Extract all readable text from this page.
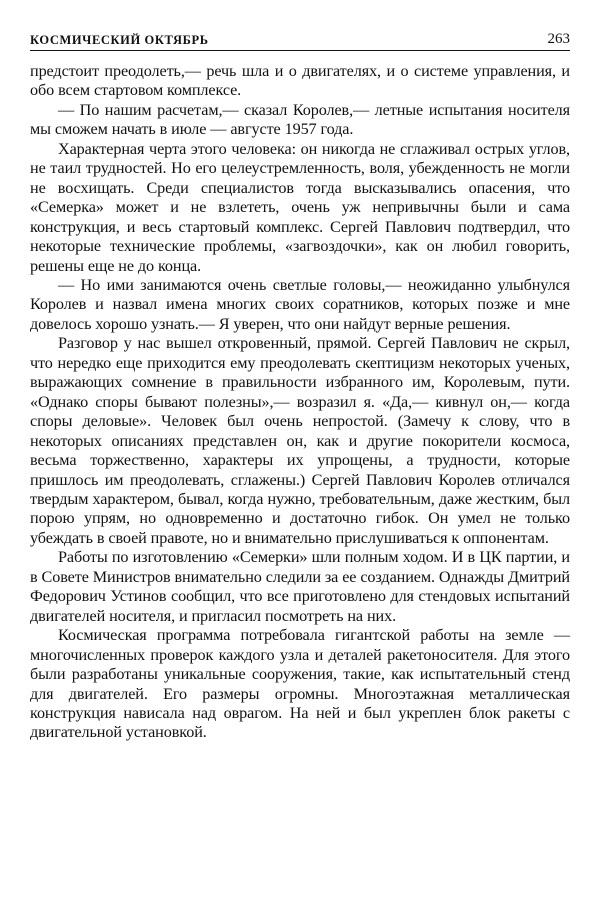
КОСМИЧЕСКИЙ ОКТЯБРЬ	263

предстоит преодолеть,— речь шла и о двигателях, и о системе управления, и обо всем стартовом комплексе.

— По нашим расчетам,— сказал Королев,— летные испытания носителя мы сможем начать в июле — августе 1957 года.

Характерная черта этого человека: он никогда не сглаживал острых углов, не таил трудностей. Но его целеустремленность, воля, убежденность не могли не восхищать. Среди специалистов тогда высказывались опасения, что «Семерка» может и не взлететь, очень уж непривычны были и сама конструкция, и весь стартовый комплекс. Сергей Павлович подтвердил, что некоторые технические проблемы, «загвоздочки», как он любил говорить, решены еще не до конца.

— Но ими занимаются очень светлые головы,— неожиданно улыбнулся Королев и назвал имена многих своих соратников, которых позже и мне довелось хорошо узнать.— Я уверен, что они найдут верные решения.

Разговор у нас вышел откровенный, прямой. Сергей Павлович не скрыл, что нередко еще приходится ему преодолевать скептицизм некоторых ученых, выражающих сомнение в правильности избранного им, Королевым, пути. «Однако споры бывают полезны»,— возразил я. «Да,— кивнул он,— когда споры деловые». Человек был очень непростой. (Замечу к слову, что в некоторых описаниях представлен он, как и другие покорители космоса, весьма торжественно, характеры их упрощены, а трудности, которые пришлось им преодолевать, сглажены.) Сергей Павлович Королев отличался твердым характером, бывал, когда нужно, требовательным, даже жестким, был порою упрям, но одновременно и достаточно гибок. Он умел не только убеждать в своей правоте, но и внимательно прислушиваться к оппонентам.

Работы по изготовлению «Семерки» шли полным ходом. И в ЦК партии, и в Совете Министров внимательно следили за ее созданием. Однажды Дмитрий Федорович Устинов сообщил, что все приготовлено для стендовых испытаний двигателей носителя, и пригласил посмотреть на них.

Космическая программа потребовала гигантской работы на земле — многочисленных проверок каждого узла и деталей ракетоносителя. Для этого были разработаны уникальные сооружения, такие, как испытательный стенд для двигателей. Его размеры огромны. Многоэтажная металлическая конструкция нависала над оврагом. На ней и был укреплен блок ракеты с двигательной установкой.
